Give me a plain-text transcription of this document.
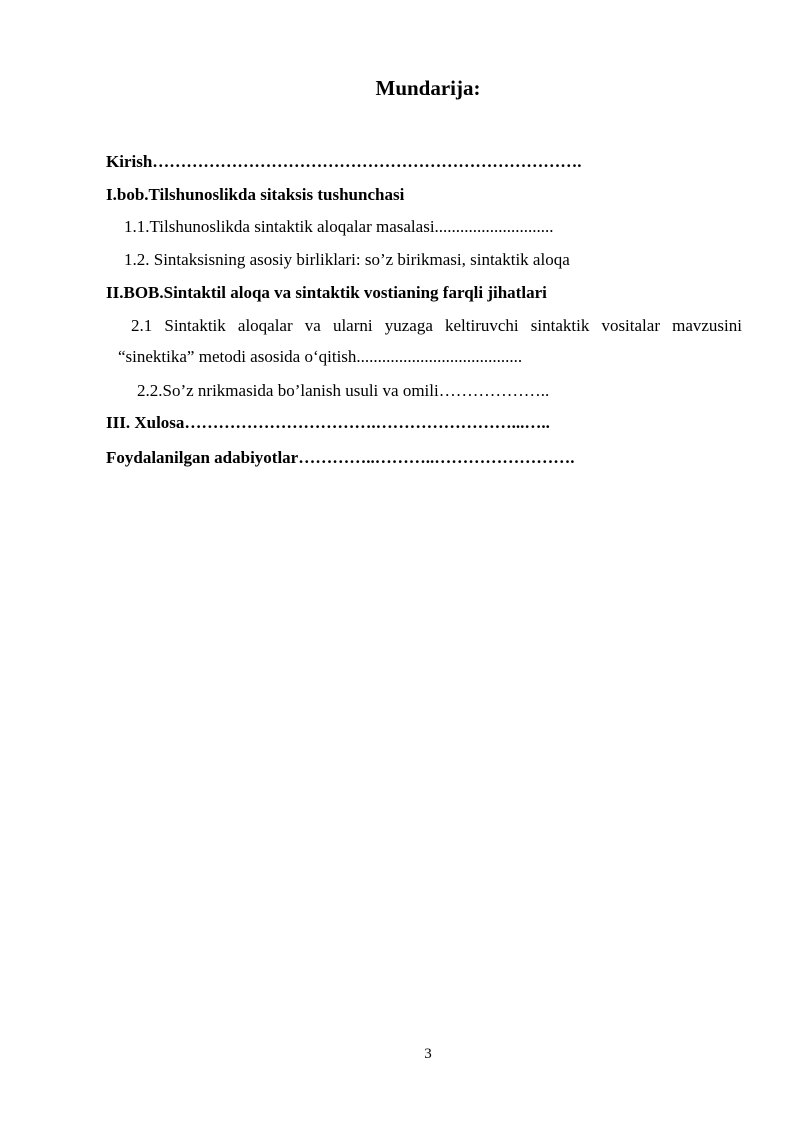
Mundarija:
Kirish………………………………………………………………….
I.bob.Tilshunoslikda sitaksis tushunchasi
1.1.Tilshunoslikda sintaktik aloqalar masalasi............................
1.2. Sintaksisning asosiy birliklari: so’z birikmasi, sintaktik aloqa
II.BOB.Sintaktil aloqa va sintaktik vostianing farqli jihatlari
2.1 Sintaktik aloqalar va ularni yuzaga keltiruvchi sintaktik vositalar mavzusini
“sinektika” metodi asosida o‘qitish.......................................
2.2.So’z nrikmasida bo’lanish usuli va omili………………..
III. Xulosa…………………………….……………………...…..
Foydalanilgan adabiyotlar…………..………..…………………….
3
